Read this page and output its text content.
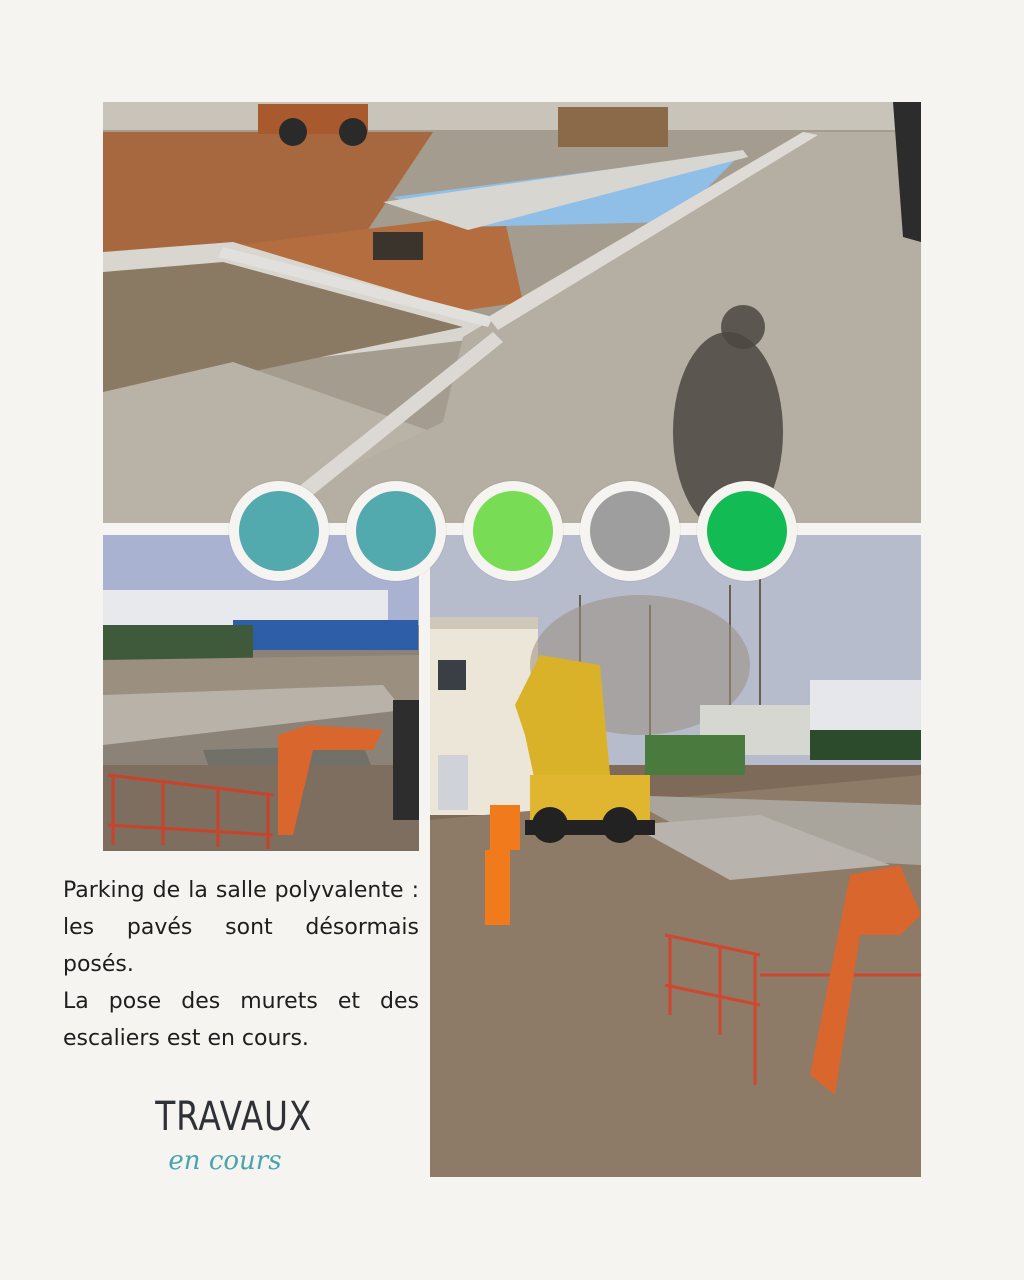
Parking de la salle polyvalente : les pavés sont désormais posés.

La pose des murets et des escaliers est en cours.

TRAVAUX
en cours
